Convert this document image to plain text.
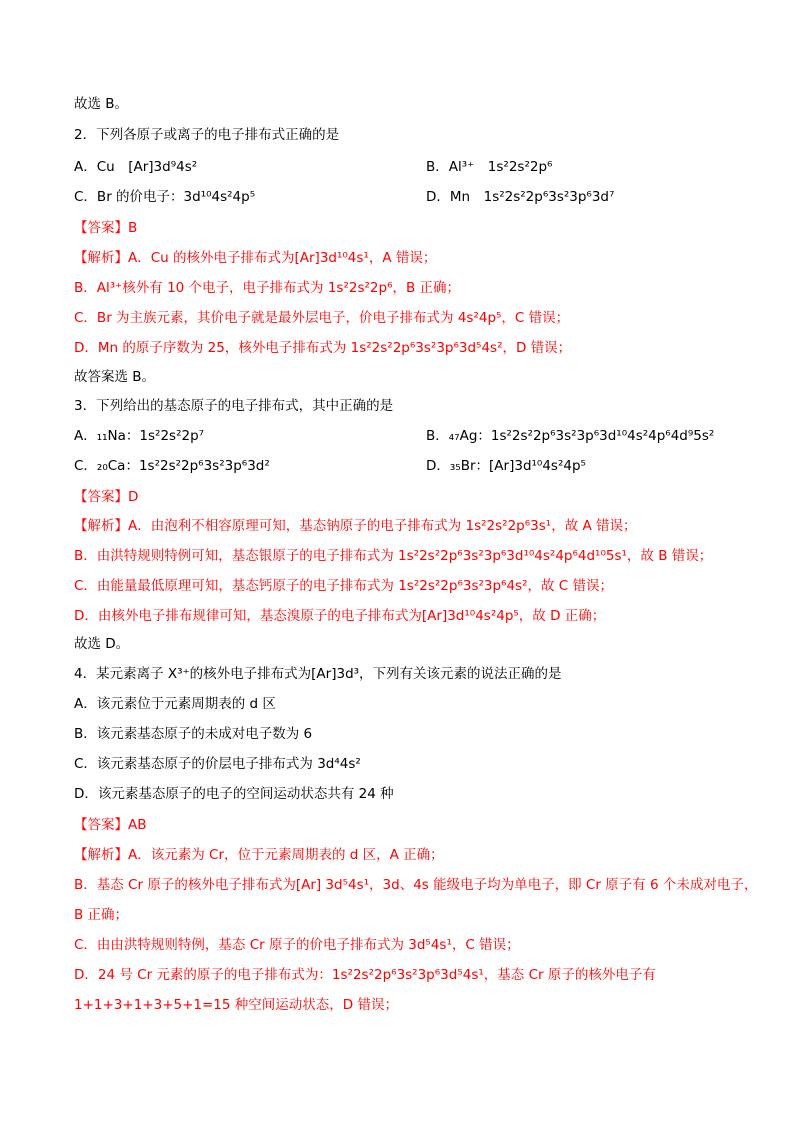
故选 B。
2．下列各原子或离子的电子排布式正确的是
A．Cu　[Ar]3d⁹4s²	B．Al³⁺　1s²2s²2p⁶
C．Br 的价电子：3d¹⁰4s²4p⁵	D．Mn　1s²2s²2p⁶3s²3p⁶3d⁷
【答案】B
【解析】A．Cu 的核外电子排布式为[Ar]3d¹⁰4s¹，A 错误；
B．Al³⁺核外有 10 个电子，电子排布式为 1s²2s²2p⁶，B 正确；
C．Br 为主族元素，其价电子就是最外层电子，价电子排布式为 4s²4p⁵，C 错误；
D．Mn 的原子序数为 25，核外电子排布式为 1s²2s²2p⁶3s²3p⁶3d⁵4s²，D 错误；
故答案选 B。
3．下列给出的基态原子的电子排布式，其中正确的是
A．₁₁Na：1s²2s²2p⁷	B．₄₇Ag：1s²2s²2p⁶3s²3p⁶3d¹⁰4s²4p⁶4d⁹5s²
C．₂₀Ca：1s²2s²2p⁶3s²3p⁶3d²	D．₃₅Br：[Ar]3d¹⁰4s²4p⁵
【答案】D
【解析】A．由泡利不相容原理可知，基态钠原子的电子排布式为 1s²2s²2p⁶3s¹，故 A 错误；
B．由洪特规则特例可知，基态银原子的电子排布式为 1s²2s²2p⁶3s²3p⁶3d¹⁰4s²4p⁶4d¹⁰5s¹，故 B 错误；
C．由能量最低原理可知，基态钙原子的电子排布式为 1s²2s²2p⁶3s²3p⁶4s²，故 C 错误；
D．由核外电子排布规律可知，基态溴原子的电子排布式为[Ar]3d¹⁰4s²4p⁵，故 D 正确；
故选 D。
4．某元素离子 X³⁺的核外电子排布式为[Ar]3d³，下列有关该元素的说法正确的是
A．该元素位于元素周期表的 d 区
B．该元素基态原子的未成对电子数为 6
C．该元素基态原子的价层电子排布式为 3d⁴4s²
D．该元素基态原子的电子的空间运动状态共有 24 种
【答案】AB
【解析】A．该元素为 Cr，位于元素周期表的 d 区，A 正确；
B．基态 Cr 原子的核外电子排布式为[Ar] 3d⁵4s¹，3d、4s 能级电子均为单电子，即 Cr 原子有 6 个未成对电子，
B 正确；
C．由由洪特规则特例，基态 Cr 原子的价电子排布式为 3d⁵4s¹，C 错误；
D．24 号 Cr 元素的原子的电子排布式为：1s²2s²2p⁶3s²3p⁶3d⁵4s¹，基态 Cr 原子的核外电子有
1+1+3+1+3+5+1=15 种空间运动状态，D 错误；
